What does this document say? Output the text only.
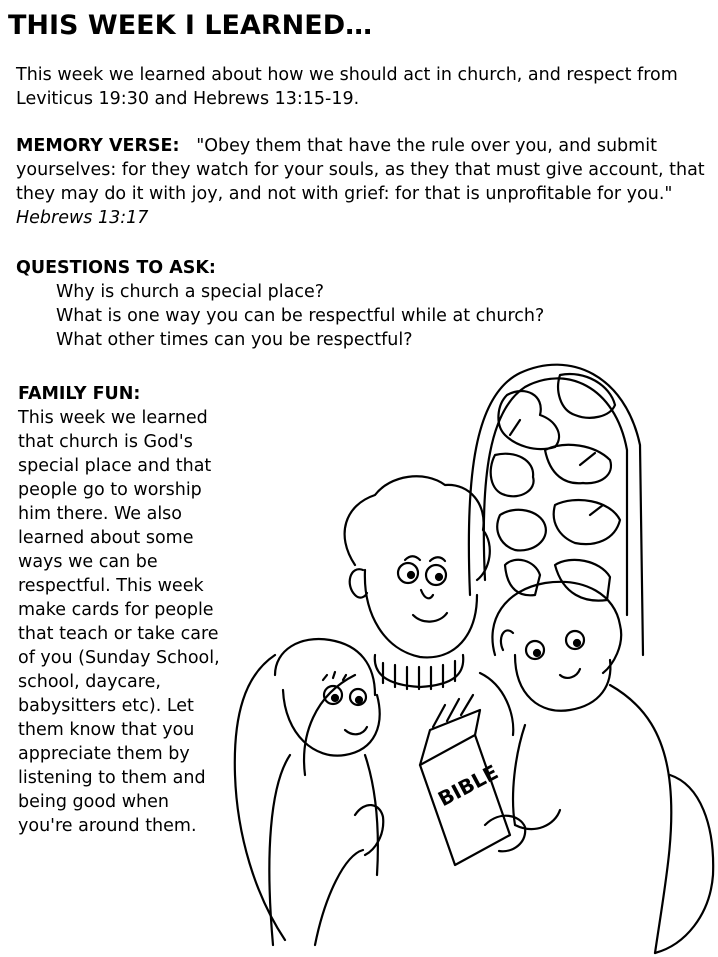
THIS WEEK I LEARNED…
This week we learned about how we should act in church, and respect from Leviticus 19:30 and Hebrews 13:15-19.
MEMORY VERSE: "Obey them that have the rule over you, and submit yourselves: for they watch for your souls, as they that must give account, that they may do it with joy, and not with grief: for that is unprofitable for you."  Hebrews 13:17
QUESTIONS TO ASK:
Why is church a special place?
What is one way you can be respectful while at church?
What other times can you be respectful?
FAMILY FUN:
This week we learned that church is God's special place and that people go to worship him there. We also learned about some ways we can be respectful. This week make cards for people that teach or take care of you (Sunday School, school, daycare, babysitters etc). Let them know that you appreciate them by listening to them and being good when you're around them.
BIBLE
